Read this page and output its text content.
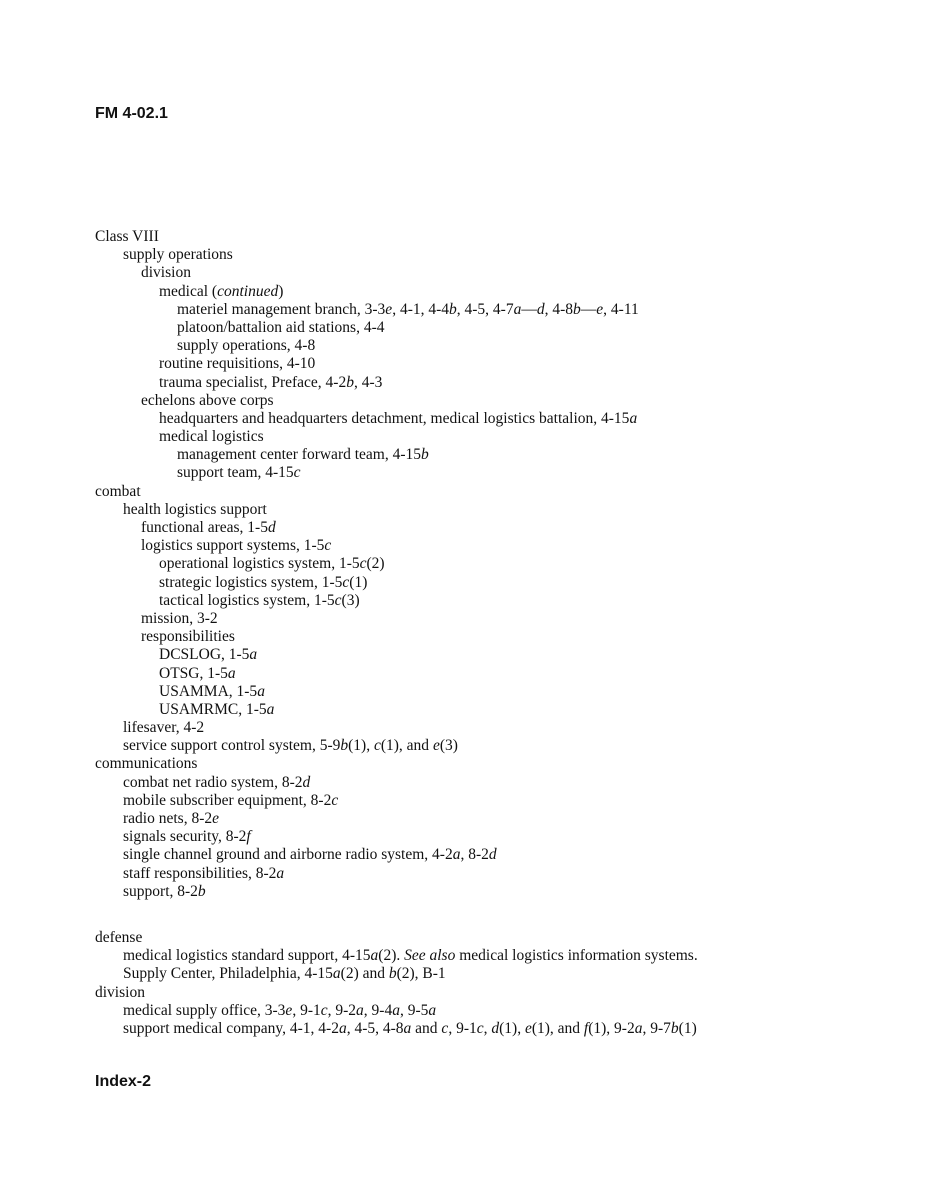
FM 4-02.1
Class VIII
supply operations
division
medical (continued)
materiel management branch, 3-3e, 4-1, 4-4b, 4-5, 4-7a—d, 4-8b—e, 4-11
platoon/battalion aid stations, 4-4
supply operations, 4-8
routine requisitions, 4-10
trauma specialist, Preface, 4-2b, 4-3
echelons above corps
headquarters and headquarters detachment, medical logistics battalion, 4-15a
medical logistics
management center forward team, 4-15b
support team, 4-15c
combat
health logistics support
functional areas, 1-5d
logistics support systems, 1-5c
operational logistics system, 1-5c(2)
strategic logistics system, 1-5c(1)
tactical logistics system, 1-5c(3)
mission, 3-2
responsibilities
DCSLOG, 1-5a
OTSG, 1-5a
USAMMA, 1-5a
USAMRMC, 1-5a
lifesaver, 4-2
service support control system, 5-9b(1), c(1), and e(3)
communications
combat net radio system, 8-2d
mobile subscriber equipment, 8-2c
radio nets, 8-2e
signals security, 8-2f
single channel ground and airborne radio system, 4-2a, 8-2d
staff responsibilities, 8-2a
support, 8-2b
defense
medical logistics standard support, 4-15a(2). See also medical logistics information systems.
Supply Center, Philadelphia, 4-15a(2) and b(2), B-1
division
medical supply office, 3-3e, 9-1c, 9-2a, 9-4a, 9-5a
support medical company, 4-1, 4-2a, 4-5, 4-8a and c, 9-1c, d(1), e(1), and f(1), 9-2a, 9-7b(1)
Index-2
